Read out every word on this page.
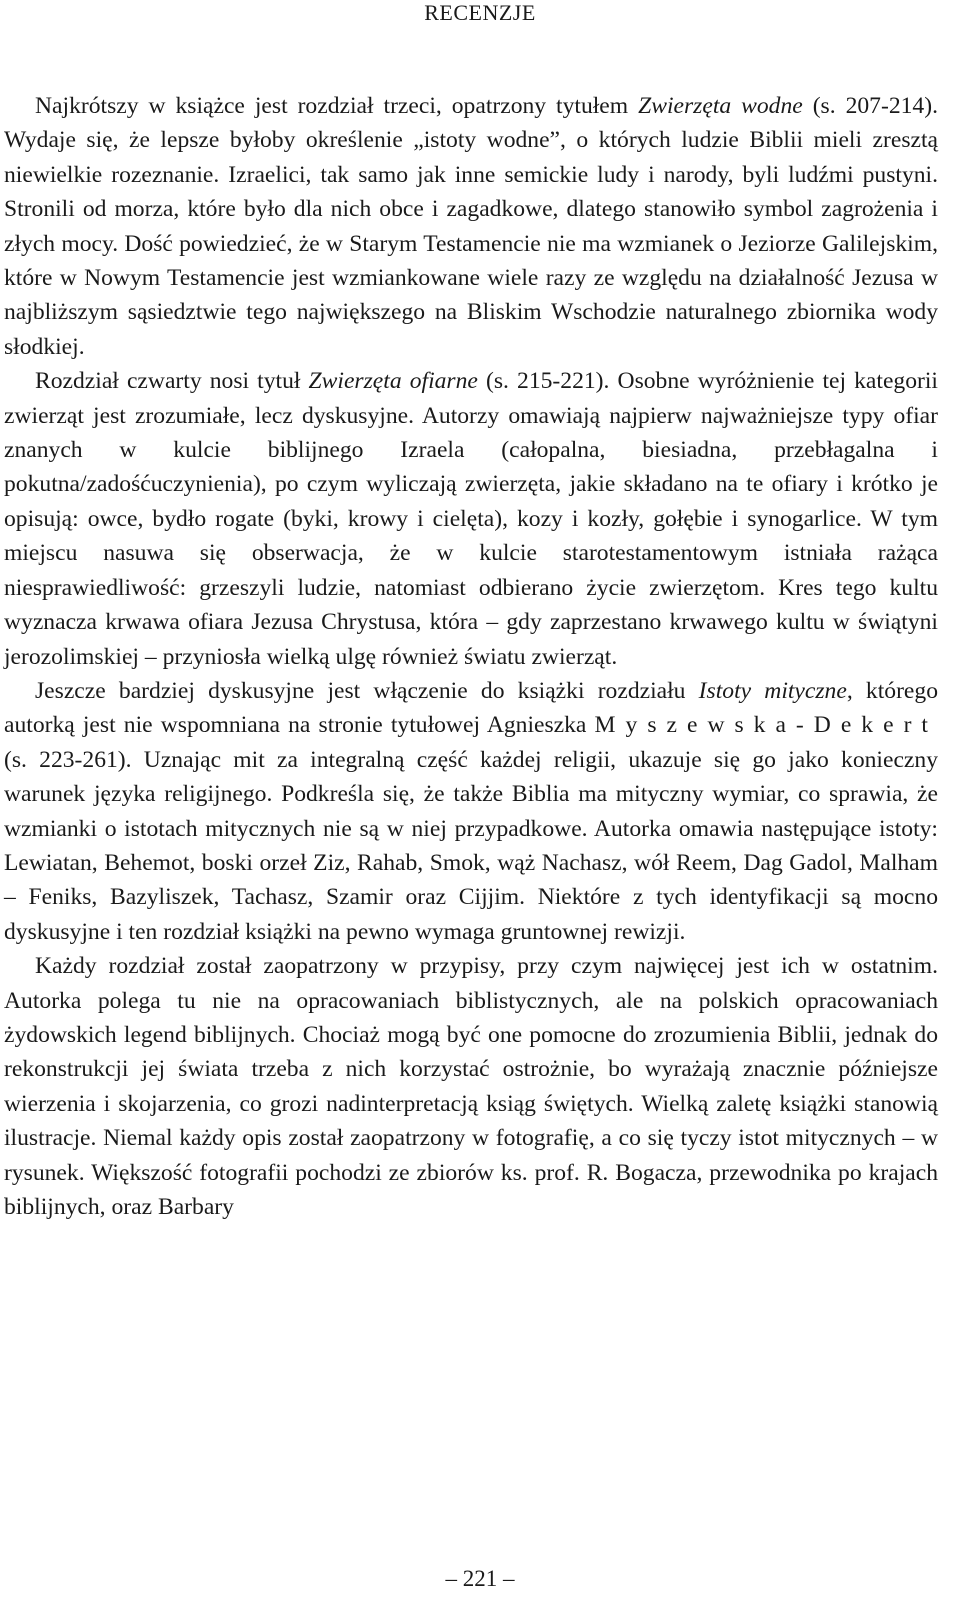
RECENZJE

Najkrótszy w książce jest rozdział trzeci, opatrzony tytułem Zwierzęta wodne (s. 207-214). Wydaje się, że lepsze byłoby określenie „istoty wodne”, o których ludzie Biblii mieli zresztą niewielkie rozeznanie. Izraelici, tak samo jak inne semickie ludy i narody, byli ludźmi pustyni. Stronili od morza, które było dla nich obce i zagadkowe, dlatego stanowiło symbol zagrożenia i złych mocy. Dość powiedzieć, że w Starym Testamencie nie ma wzmianek o Jeziorze Galilejskim, które w Nowym Testamencie jest wzmiankowane wiele razy ze względu na działalność Jezusa w najbliższym sąsiedztwie tego największego na Bliskim Wschodzie naturalnego zbiornika wody słodkiej.

Rozdział czwarty nosi tytuł Zwierzęta ofiarne (s. 215-221). Osobne wyróżnienie tej kategorii zwierząt jest zrozumiałe, lecz dyskusyjne. Autorzy omawiają najpierw najważniejsze typy ofiar znanych w kulcie biblijnego Izraela (całopalna, biesiadna, przebłagalna i pokutna/zadośćuczynienia), po czym wyliczają zwierzęta, jakie składano na te ofiary i krótko je opisują: owce, bydło rogate (byki, krowy i cielęta), kozy i kozły, gołębie i synogarlice. W tym miejscu nasuwa się obserwacja, że w kulcie starotestamentowym istniała rażąca niesprawiedliwość: grzeszyli ludzie, natomiast odbierano życie zwierzętom. Kres tego kultu wyznacza krwawa ofiara Jezusa Chrystusa, która – gdy zaprzestano krwawego kultu w świątyni jerozolimskiej – przyniosła wielką ulgę również światu zwierząt.

Jeszcze bardziej dyskusyjne jest włączenie do książki rozdziału Istoty mityczne, którego autorką jest nie wspomniana na stronie tytułowej Agnieszka Myszewska-Dekert (s. 223-261). Uznając mit za integralną część każdej religii, ukazuje się go jako konieczny warunek języka religijnego. Podkreśla się, że także Biblia ma mityczny wymiar, co sprawia, że wzmianki o istotach mitycznych nie są w niej przypadkowe. Autorka omawia następujące istoty: Lewiatan, Behemot, boski orzeł Ziz, Rahab, Smok, wąż Nachasz, wół Reem, Dag Gadol, Malham – Feniks, Bazyliszek, Tachasz, Szamir oraz Cijjim. Niektóre z tych identyfikacji są mocno dyskusyjne i ten rozdział książki na pewno wymaga gruntownej rewizji.

Każdy rozdział został zaopatrzony w przypisy, przy czym najwięcej jest ich w ostatnim. Autorka polega tu nie na opracowaniach biblistycznych, ale na polskich opracowaniach żydowskich legend biblijnych. Chociaż mogą być one pomocne do zrozumienia Biblii, jednak do rekonstrukcji jej świata trzeba z nich korzystać ostrożnie, bo wyrażają znacznie późniejsze wierzenia i skojarzenia, co grozi nadinterpretacją ksiąg świętych. Wielką zaletę książki stanowią ilustracje. Niemal każdy opis został zaopatrzony w fotografię, a co się tyczy istot mitycznych – w rysunek. Większość fotografii pochodzi ze zbiorów ks. prof. R. Bogacza, przewodnika po krajach biblijnych, oraz Barbary

– 221 –
